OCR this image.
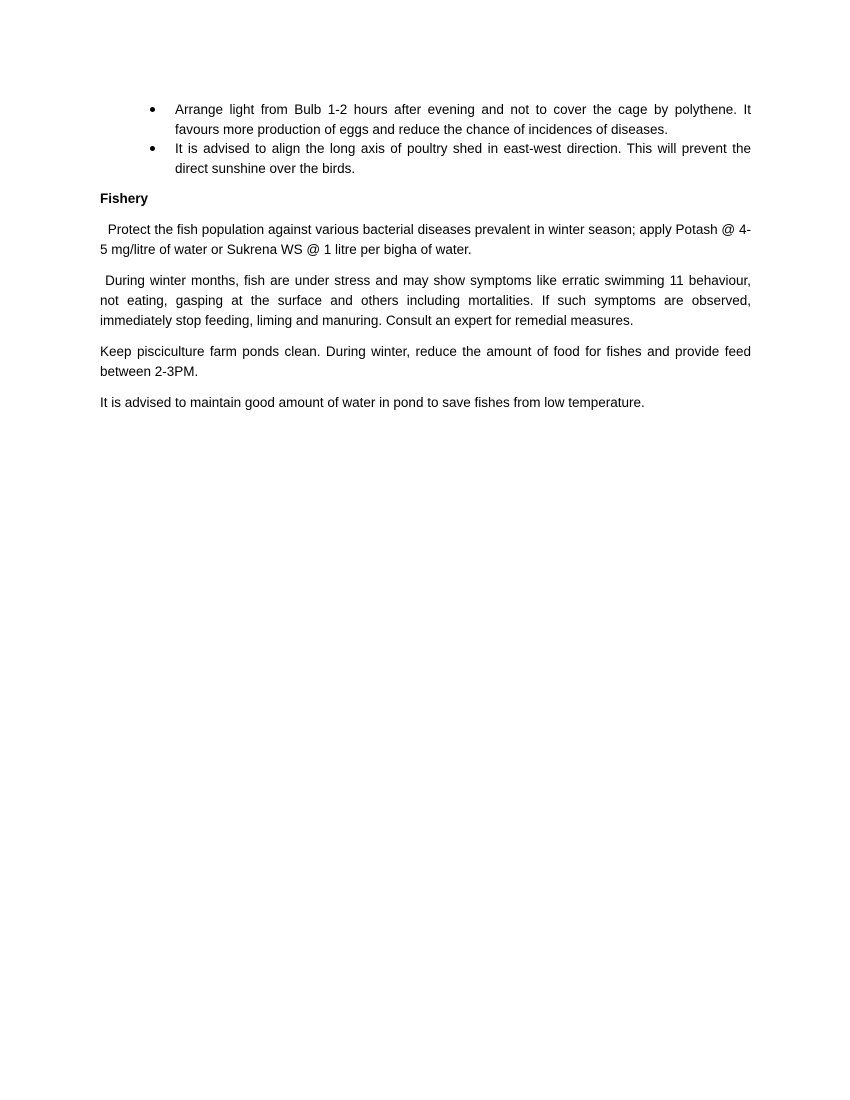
Arrange light from Bulb 1-2 hours after evening and not to cover the cage by polythene. It favours more production of eggs and reduce the chance of incidences of diseases.
It is advised to align the long axis of poultry shed in east-west direction. This will prevent the direct sunshine over the birds.
Fishery

Protect the fish population against various bacterial diseases prevalent in winter season; apply Potash @ 4-5 mg/litre of water or Sukrena WS @ 1 litre per bigha of water.

During winter months, fish are under stress and may show symptoms like erratic swimming 11 behaviour, not eating, gasping at the surface and others including mortalities. If such symptoms are observed, immediately stop feeding, liming and manuring. Consult an expert for remedial measures.

Keep pisciculture farm ponds clean. During winter, reduce the amount of food for fishes and provide feed between 2-3PM.

It is advised to maintain good amount of water in pond to save fishes from low temperature.
